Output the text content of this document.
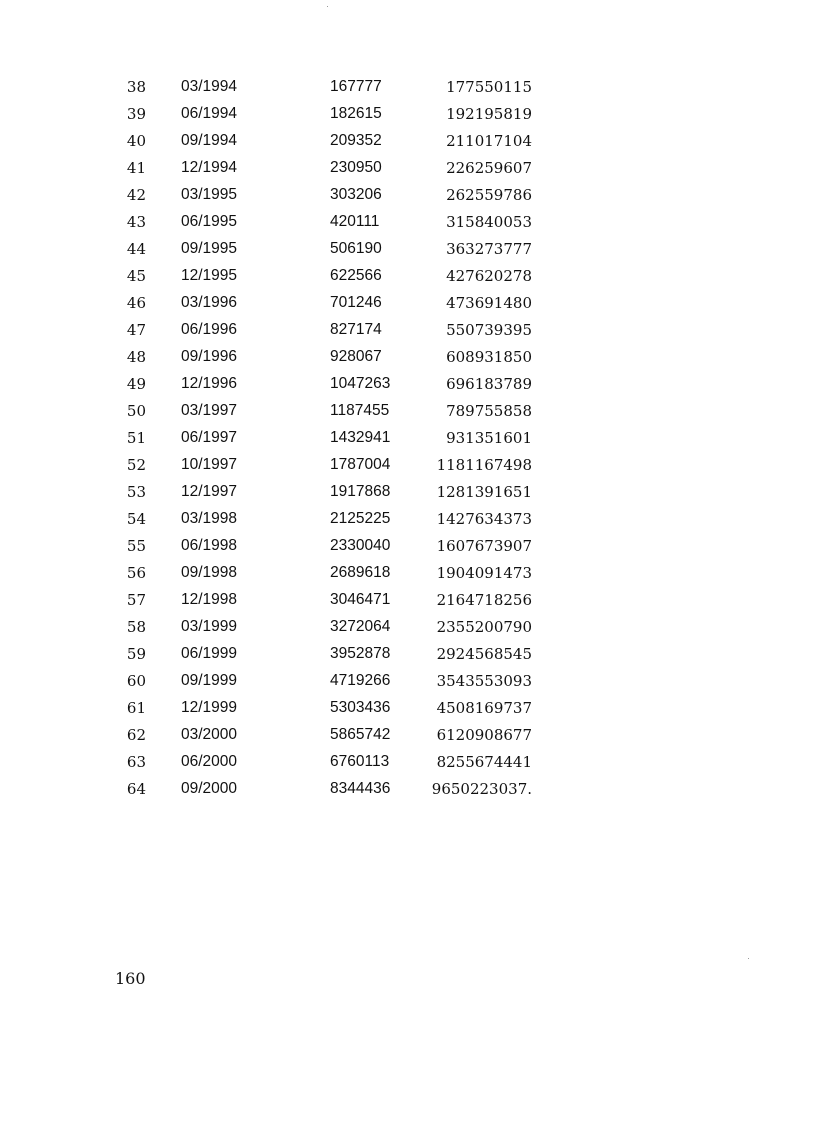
38 03/1994	167777	177550115
39 06/1994	182615	192195819
40 09/1994	209352	211017104
41 12/1994	230950	226259607
42 03/1995	303206	262559786
43 06/1995	420111	315840053
44 09/1995	506190	363273777
45 12/1995	622566	427620278
46 03/1996	701246	473691480
47 06/1996	827174	550739395
48 09/1996	928067	608931850
49 12/1996	1047263	696183789
50 03/1997	1187455	789755858
51 06/1997	1432941	931351601
52 10/1997	1787004	1181167498
53 12/1997	1917868	1281391651
54 03/1998	2125225	1427634373
55 06/1998	2330040	1607673907
56 09/1998	2689618	1904091473
57 12/1998	3046471	2164718256
58 03/1999	3272064	2355200790
59 06/1999	3952878	2924568545
60 09/1999	4719266	3543553093
61 12/1999	5303436	4508169737
62 03/2000	5865742	6120908677
63 06/2000	6760113	8255674441
64 09/2000	8344436	9650223037.
160
